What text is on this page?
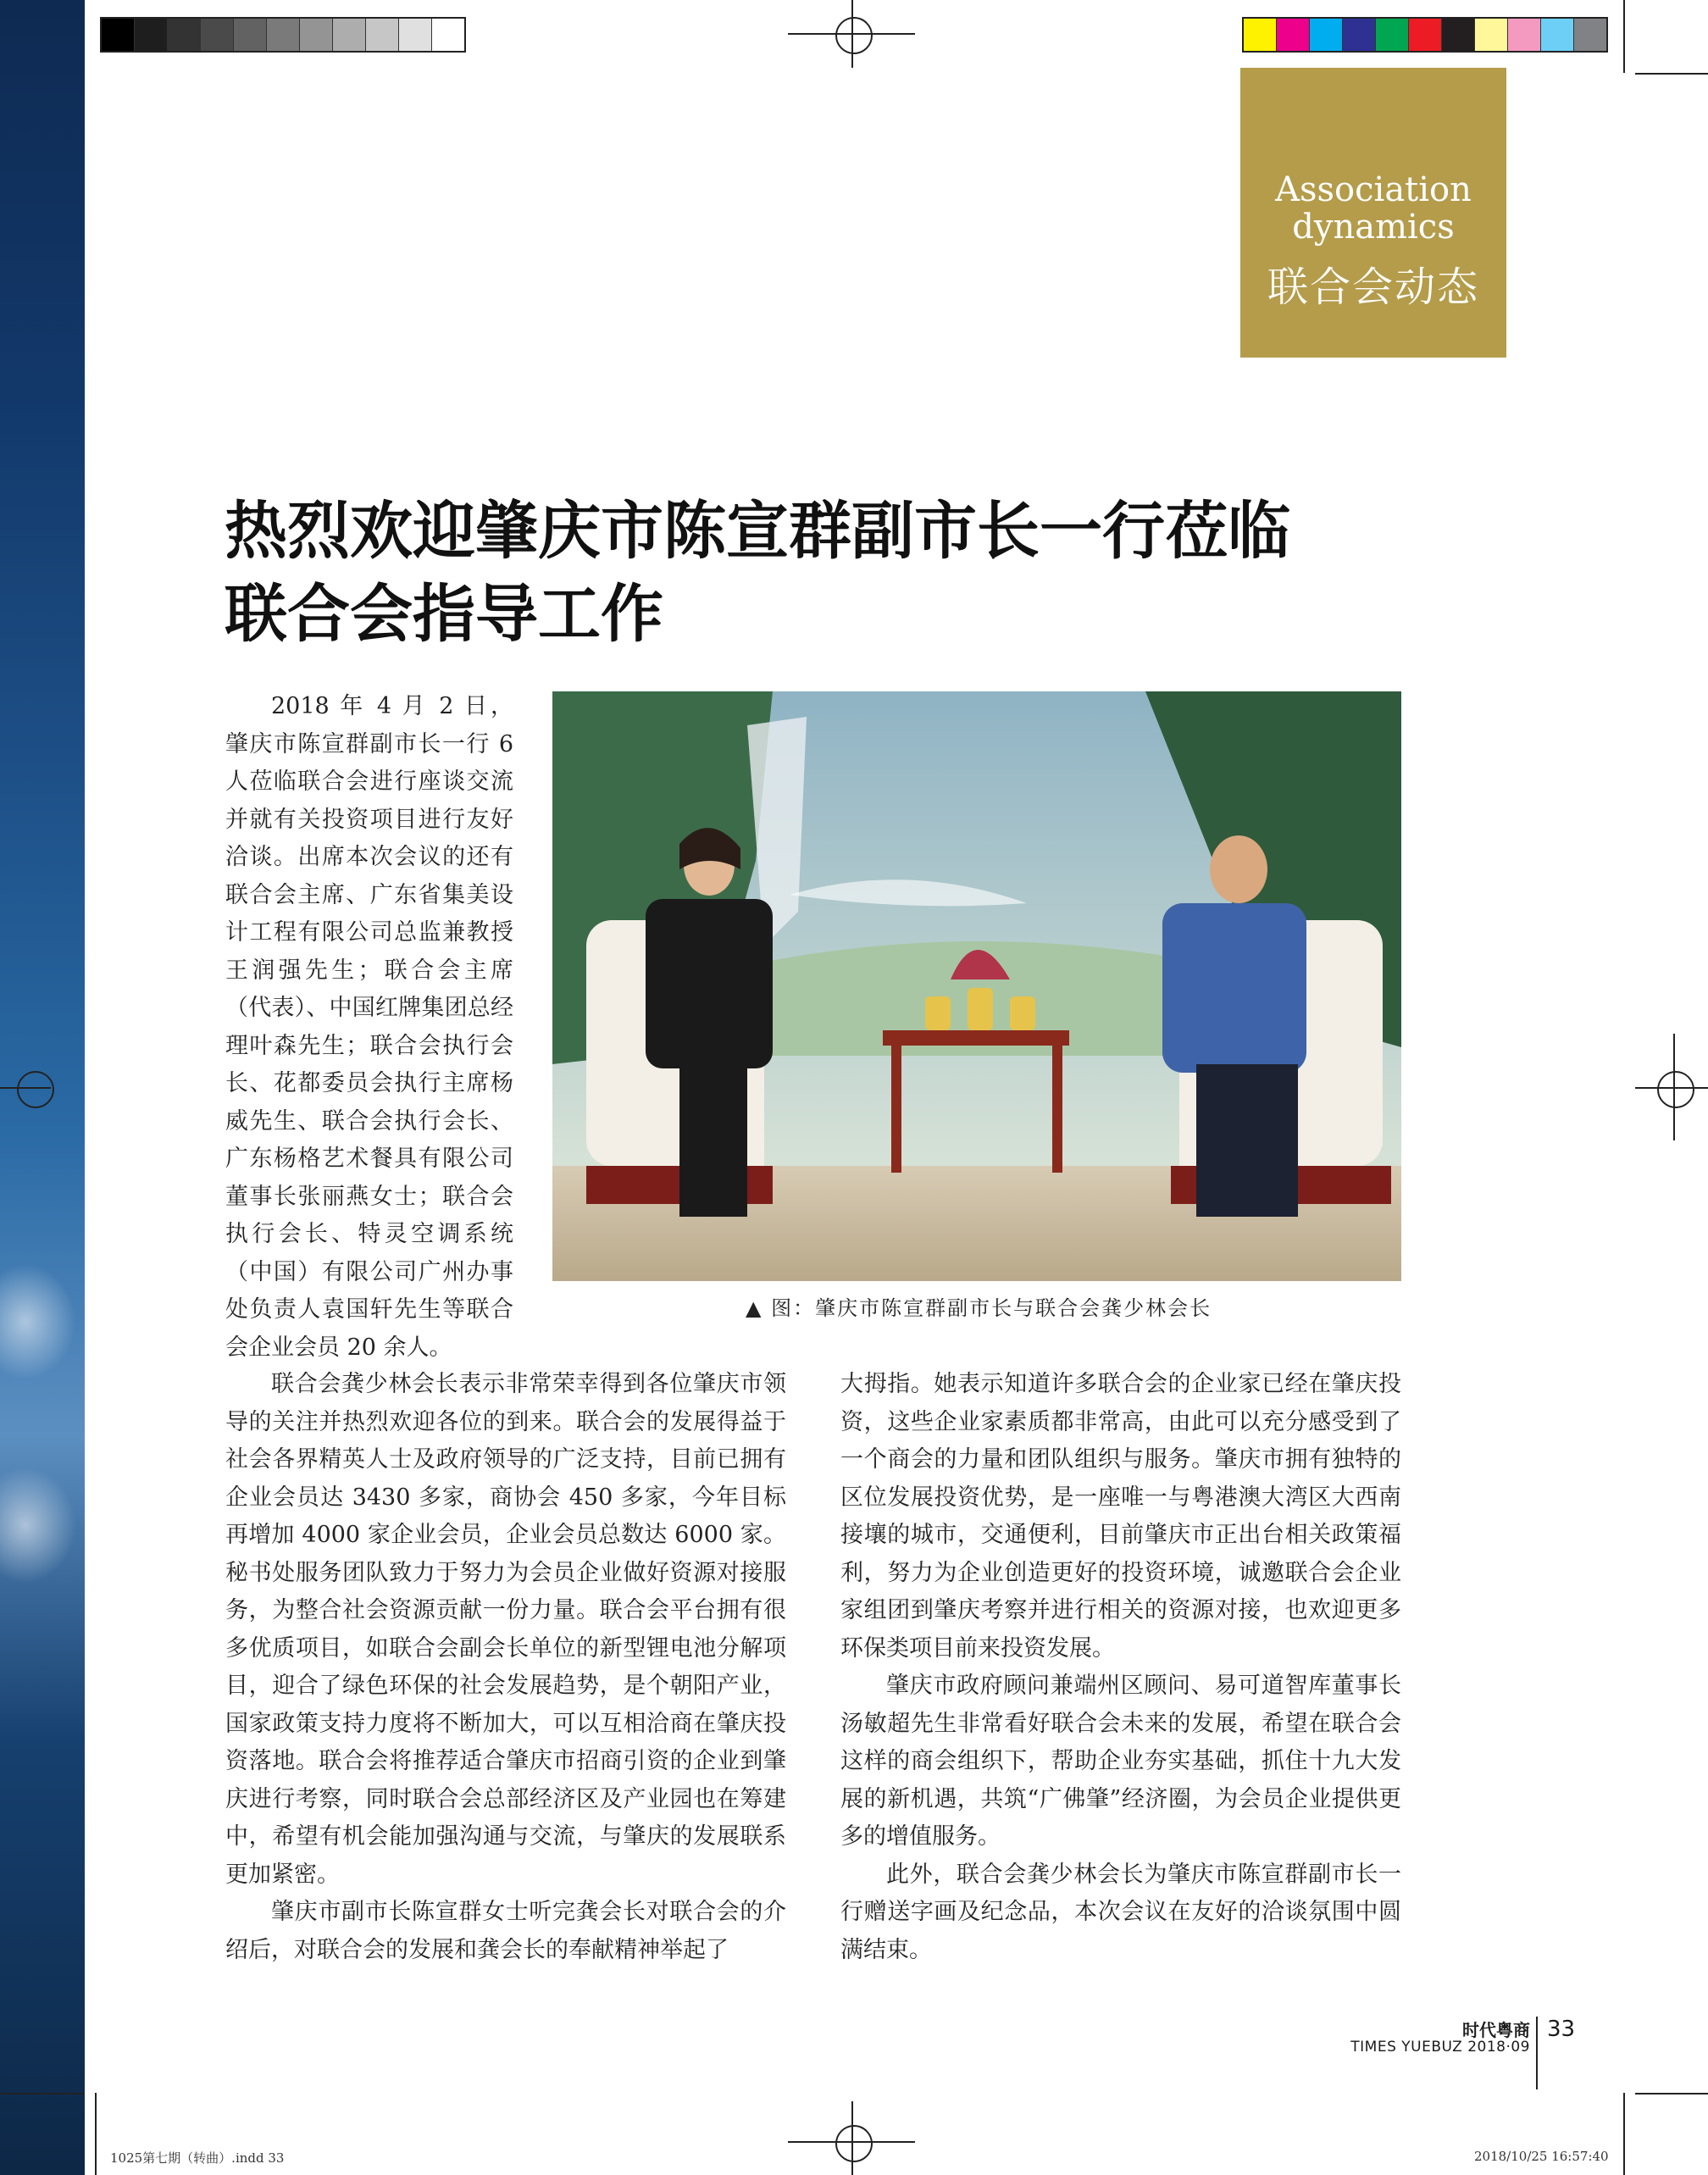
Association
dynamics
联合会动态
热烈欢迎肇庆市陈宣群副市长一行莅临
联合会指导工作

2018 年 4 月 2 日， 肇庆市陈宣群副市长一行 6 人莅临联合会进行座谈交流并就有关投资项目进行友好洽谈。出席本次会议的还有联合会主席、广东省集美设计工程有限公司总监兼教授王润强先生；联合会主席（代表）、中国红牌集团总经理叶森先生；联合会执行会长、花都委员会执行主席杨威先生、联合会执行会长、广东杨格艺术餐具有限公司董事长张丽燕女士；联合会执行会长、特灵空调系统（中国）有限公司广州办事处负责人袁国轩先生等联合会企业会员 20 余人。

▲ 图：肇庆市陈宣群副市长与联合会龚少林会长

联合会龚少林会长表示非常荣幸得到各位肇庆市领导的关注并热烈欢迎各位的到来。联合会的发展得益于社会各界精英人士及政府领导的广泛支持，目前已拥有企业会员达 3430 多家，商协会 450 多家，今年目标再增加 4000 家企业会员，企业会员总数达 6000 家。秘书处服务团队致力于努力为会员企业做好资源对接服务，为整合社会资源贡献一份力量。联合会平台拥有很多优质项目，如联合会副会长单位的新型锂电池分解项目，迎合了绿色环保的社会发展趋势，是个朝阳产业，国家政策支持力度将不断加大，可以互相洽商在肇庆投资落地。联合会将推荐适合肇庆市招商引资的企业到肇庆进行考察，同时联合会总部经济区及产业园也在筹建中，希望有机会能加强沟通与交流，与肇庆的发展联系更加紧密。

肇庆市副市长陈宣群女士听完龚会长对联合会的介绍后，对联合会的发展和龚会长的奉献精神举起了

大拇指。她表示知道许多联合会的企业家已经在肇庆投资，这些企业家素质都非常高，由此可以充分感受到了一个商会的力量和团队组织与服务。肇庆市拥有独特的区位发展投资优势，是一座唯一与粤港澳大湾区大西南接壤的城市，交通便利，目前肇庆市正出台相关政策福利，努力为企业创造更好的投资环境，诚邀联合会企业家组团到肇庆考察并进行相关的资源对接，也欢迎更多环保类项目前来投资发展。

肇庆市政府顾问兼端州区顾问、易可道智库董事长汤敏超先生非常看好联合会未来的发展，希望在联合会这样的商会组织下，帮助企业夯实基础，抓住十九大发展的新机遇，共筑“广佛肇”经济圈，为会员企业提供更多的增值服务。

此外，联合会龚少林会长为肇庆市陈宣群副市长一行赠送字画及纪念品，本次会议在友好的洽谈氛围中圆满结束。

时代粤商
TIMES YUEBUZ 2018·09
33
1025第七期（转曲）.indd 33	2018/10/25 16:57:40
